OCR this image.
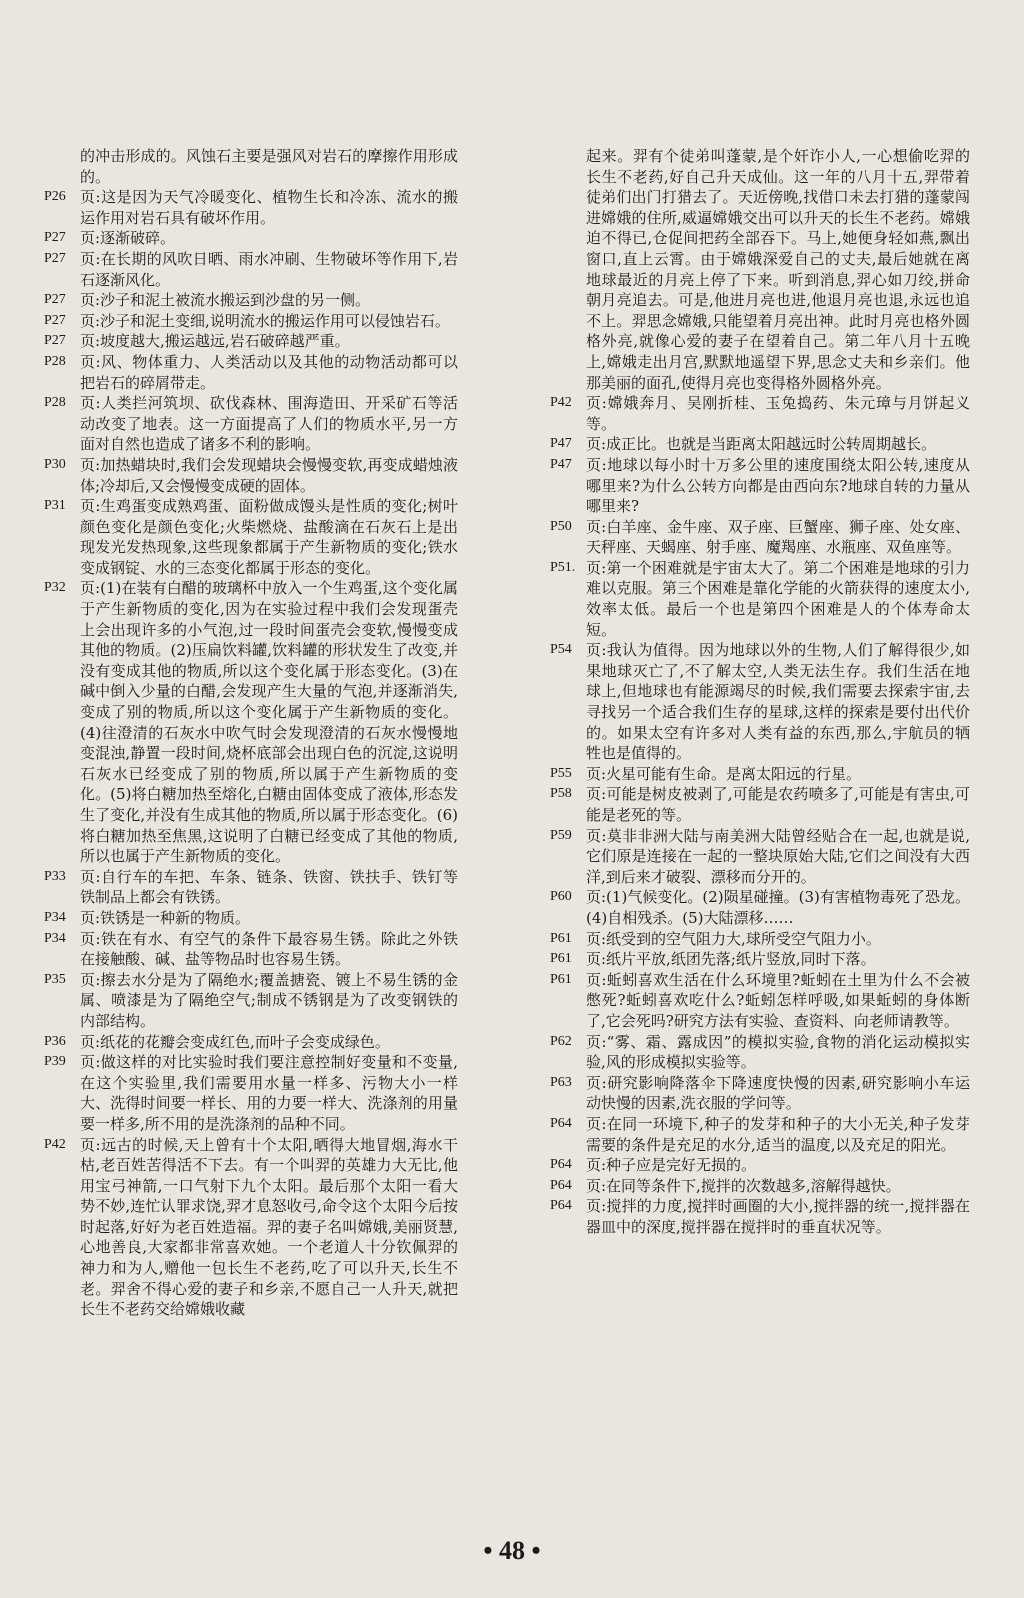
的冲击形成的。风蚀石主要是强风对岩石的摩擦作用形成的。

P26 页:这是因为天气冷暖变化、植物生长和冷冻、流水的搬运作用对岩石具有破坏作用。

P27 页:逐渐破碎。

P27 页:在长期的风吹日晒、雨水冲刷、生物破坏等作用下,岩石逐渐风化。

P27 页:沙子和泥土被流水搬运到沙盘的另一侧。

P27 页:沙子和泥土变细,说明流水的搬运作用可以侵蚀岩石。

P27 页:坡度越大,搬运越远,岩石破碎越严重。

P28 页:风、物体重力、人类活动以及其他的动物活动都可以把岩石的碎屑带走。

P28 页:人类拦河筑坝、砍伐森林、围海造田、开采矿石等活动改变了地表。这一方面提高了人们的物质水平,另一方面对自然也造成了诸多不利的影响。

P30 页:加热蜡块时,我们会发现蜡块会慢慢变软,再变成蜡烛液体;冷却后,又会慢慢变成硬的固体。

P31 页:生鸡蛋变成熟鸡蛋、面粉做成馒头是性质的变化;树叶颜色变化是颜色变化;火柴燃烧、盐酸滴在石灰石上是出现发光发热现象,这些现象都属于产生新物质的变化;铁水变成钢锭、水的三态变化都属于形态的变化。

P32 页:(1)在装有白醋的玻璃杯中放入一个生鸡蛋,这个变化属于产生新物质的变化,因为在实验过程中我们会发现蛋壳上会出现许多的小气泡,过一段时间蛋壳会变软,慢慢变成其他的物质。(2)压扁饮料罐,饮料罐的形状发生了改变,并没有变成其他的物质,所以这个变化属于形态变化。(3)在碱中倒入少量的白醋,会发现产生大量的气泡,并逐渐消失,变成了别的物质,所以这个变化属于产生新物质的变化。(4)往澄清的石灰水中吹气时会发现澄清的石灰水慢慢地变混浊,静置一段时间,烧杯底部会出现白色的沉淀,这说明石灰水已经变成了别的物质,所以属于产生新物质的变化。(5)将白糖加热至熔化,白糖由固体变成了液体,形态发生了变化,并没有生成其他的物质,所以属于形态变化。(6)将白糖加热至焦黑,这说明了白糖已经变成了其他的物质,所以也属于产生新物质的变化。

P33 页:自行车的车把、车条、链条、铁窗、铁扶手、铁钉等铁制品上都会有铁锈。

P34 页:铁锈是一种新的物质。

P34 页:铁在有水、有空气的条件下最容易生锈。除此之外铁在接触酸、碱、盐等物品时也容易生锈。

P35 页:擦去水分是为了隔绝水;覆盖搪瓷、镀上不易生锈的金属、喷漆是为了隔绝空气;制成不锈钢是为了改变钢铁的内部结构。

P36 页:纸花的花瓣会变成红色,而叶子会变成绿色。

P39 页:做这样的对比实验时我们要注意控制好变量和不变量,在这个实验里,我们需要用水量一样多、污物大小一样大、洗得时间要一样长、用的力要一样大、洗涤剂的用量要一样多,所不用的是洗涤剂的品种不同。

P42 页:远古的时候,天上曾有十个太阳,晒得大地冒烟,海水干枯,老百姓苦得活不下去。有一个叫羿的英雄力大无比,他用宝弓神箭,一口气射下九个太阳。最后那个太阳一看大势不妙,连忙认罪求饶,羿才息怒收弓,命令这个太阳今后按时起落,好好为老百姓造福。羿的妻子名叫嫦娥,美丽贤慧,心地善良,大家都非常喜欢她。一个老道人十分钦佩羿的神力和为人,赠他一包长生不老药,吃了可以升天,长生不老。羿舍不得心爱的妻子和乡亲,不愿自己一人升天,就把长生不老药交给嫦娥收藏

起来。羿有个徒弟叫蓬蒙,是个奸诈小人,一心想偷吃羿的长生不老药,好自己升天成仙。这一年的八月十五,羿带着徒弟们出门打猎去了。天近傍晚,找借口未去打猎的蓬蒙闯进嫦娥的住所,威逼嫦娥交出可以升天的长生不老药。嫦娥迫不得已,仓促间把药全部吞下。马上,她便身轻如燕,飘出窗口,直上云霄。由于嫦娥深爱自己的丈夫,最后她就在离地球最近的月亮上停了下来。听到消息,羿心如刀绞,拼命朝月亮追去。可是,他进月亮也进,他退月亮也退,永远也追不上。羿思念嫦娥,只能望着月亮出神。此时月亮也格外圆格外亮,就像心爱的妻子在望着自己。第二年八月十五晚上,嫦娥走出月宫,默默地遥望下界,思念丈夫和乡亲们。他那美丽的面孔,使得月亮也变得格外圆格外亮。

P42 页:嫦娥奔月、吴刚折桂、玉兔捣药、朱元璋与月饼起义等。

P47 页:成正比。也就是当距离太阳越远时公转周期越长。

P47 页:地球以每小时十万多公里的速度围绕太阳公转,速度从哪里来?为什么公转方向都是由西向东?地球自转的力量从哪里来?

P50 页:白羊座、金牛座、双子座、巨蟹座、狮子座、处女座、天秤座、天蝎座、射手座、魔羯座、水瓶座、双鱼座等。

P51. 页:第一个困难就是宇宙太大了。第二个困难是地球的引力难以克服。第三个困难是靠化学能的火箭获得的速度太小,效率太低。最后一个也是第四个困难是人的个体寿命太短。

P54 页:我认为值得。因为地球以外的生物,人们了解得很少,如果地球灭亡了,不了解太空,人类无法生存。我们生活在地球上,但地球也有能源竭尽的时候,我们需要去探索宇宙,去寻找另一个适合我们生存的星球,这样的探索是要付出代价的。如果太空有许多对人类有益的东西,那么,宇航员的牺牲也是值得的。

P55 页:火星可能有生命。是离太阳远的行星。

P58 页:可能是树皮被剥了,可能是农药喷多了,可能是有害虫,可能是老死的等。

P59 页:莫非非洲大陆与南美洲大陆曾经贴合在一起,也就是说,它们原是连接在一起的一整块原始大陆,它们之间没有大西洋,到后来才破裂、漂移而分开的。

P60 页:(1)气候变化。(2)陨星碰撞。(3)有害植物毒死了恐龙。(4)自相残杀。(5)大陆漂移……

P61 页:纸受到的空气阻力大,球所受空气阻力小。

P61 页:纸片平放,纸团先落;纸片竖放,同时下落。

P61 页:蚯蚓喜欢生活在什么环境里?蚯蚓在土里为什么不会被憋死?蚯蚓喜欢吃什么?蚯蚓怎样呼吸,如果蚯蚓的身体断了,它会死吗?研究方法有实验、查资料、向老师请教等。

P62 页:“雾、霜、露成因”的模拟实验,食物的消化运动模拟实验,风的形成模拟实验等。

P63 页:研究影响降落伞下降速度快慢的因素,研究影响小车运动快慢的因素,洗衣服的学问等。

P64 页:在同一环境下,种子的发芽和种子的大小无关,种子发芽需要的条件是充足的水分,适当的温度,以及充足的阳光。

P64 页:种子应是完好无损的。

P64 页:在同等条件下,搅拌的次数越多,溶解得越快。

P64 页:搅拌的力度,搅拌时画圈的大小,搅拌器的统一,搅拌器在器皿中的深度,搅拌器在搅拌时的垂直状况等。

• 48 •
